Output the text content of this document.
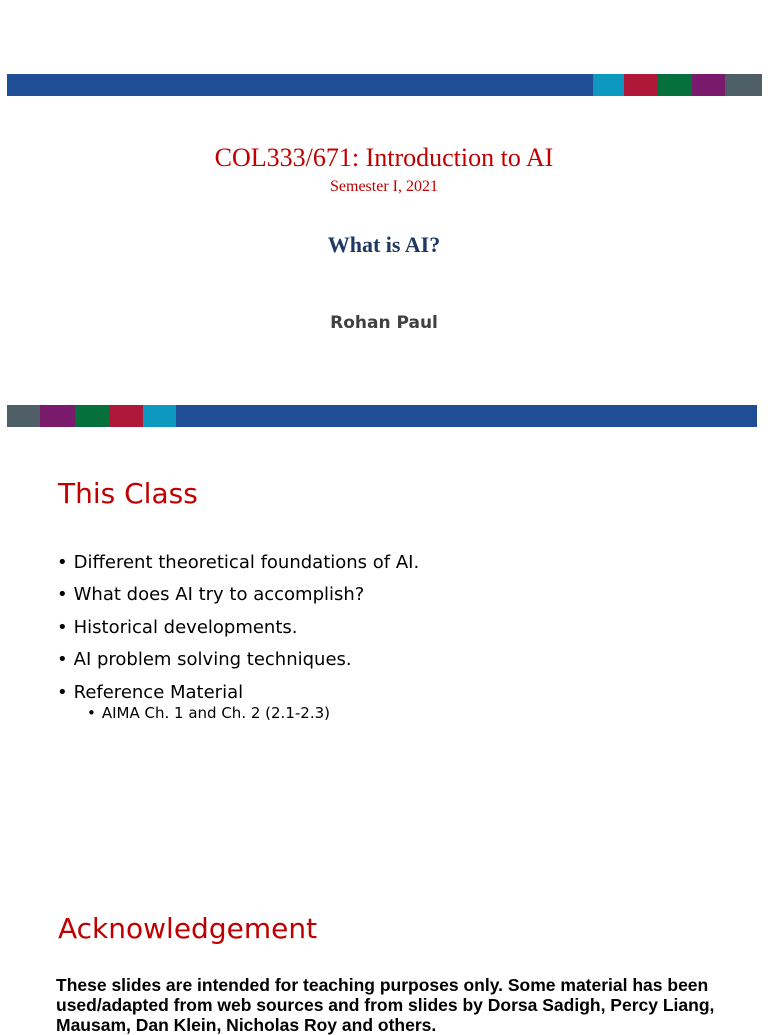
COL333/671: Introduction to AI
Semester I, 2021
What is AI?
Rohan Paul
This Class
• Different theoretical foundations of AI.
• What does AI try to accomplish?
• Historical developments.
• AI problem solving techniques.
• Reference Material
• AIMA Ch. 1 and Ch. 2 (2.1-2.3)
Acknowledgement

These slides are intended for teaching purposes only. Some material has been used/adapted from web sources and from slides by Dorsa Sadigh, Percy Liang, Mausam, Dan Klein, Nicholas Roy and others.
